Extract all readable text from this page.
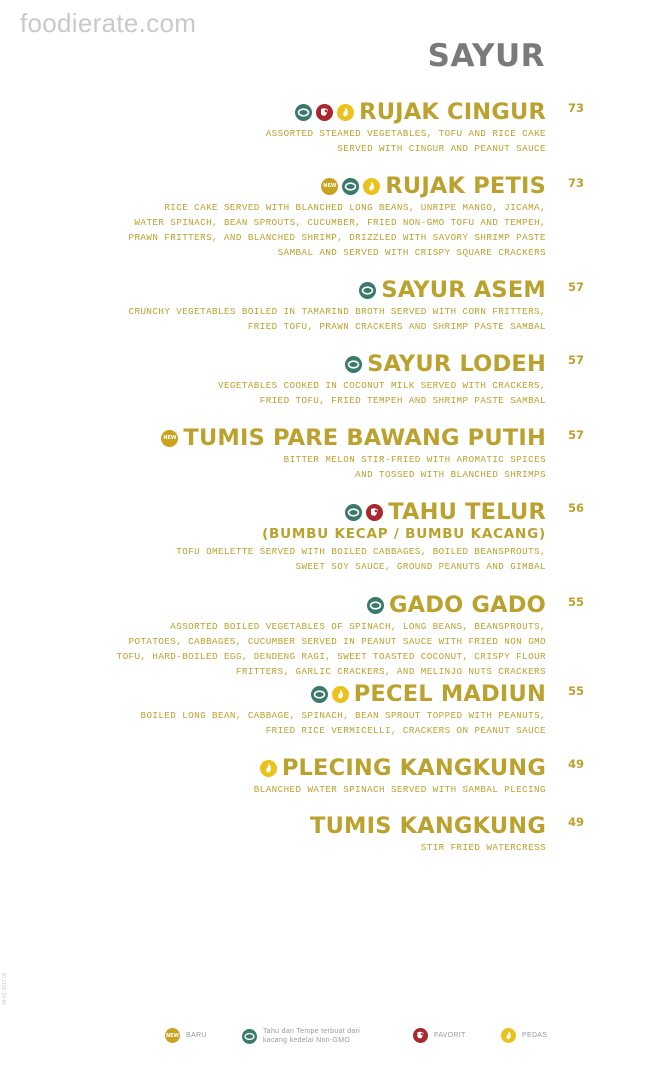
foodierate.com
04-01-2017 06
SAYUR
RUJAK CINGUR
ASSORTED STEAMED VEGETABLES, TOFU AND RICE CAKE
SERVED WITH CINGUR AND PEANUT SAUCE
73
NEW RUJAK PETIS
RICE CAKE SERVED WITH BLANCHED LONG BEANS, UNRIPE MANGO, JICAMA,
WATER SPINACH, BEAN SPROUTS, CUCUMBER, FRIED NON-GMO TOFU AND TEMPEH,
PRAWN FRITTERS, AND BLANCHED SHRIMP, DRIZZLED WITH SAVORY SHRIMP PASTE
SAMBAL AND SERVED WITH CRISPY SQUARE CRACKERS
73
SAYUR ASEM
CRUNCHY VEGETABLES BOILED IN TAMARIND BROTH SERVED WITH CORN FRITTERS,
FRIED TOFU, PRAWN CRACKERS AND SHRIMP PASTE SAMBAL
57
SAYUR LODEH
VEGETABLES COOKED IN COCONUT MILK SERVED WITH CRACKERS,
FRIED TOFU, FRIED TEMPEH AND SHRIMP PASTE SAMBAL
57
NEW TUMIS PARE BAWANG PUTIH
BITTER MELON STIR-FRIED WITH AROMATIC SPICES
AND TOSSED WITH BLANCHED SHRIMPS
57
TAHU TELUR
(BUMBU KECAP / BUMBU KACANG)
TOFU OMELETTE SERVED WITH BOILED CABBAGES, BOILED BEANSPROUTS,
SWEET SOY SAUCE, GROUND PEANUTS AND GIMBAL
56
GADO GADO
ASSORTED BOILED VEGETABLES OF SPINACH, LONG BEANS, BEANSPROUTS,
POTATOES, CABBAGES, CUCUMBER SERVED IN PEANUT SAUCE WITH FRIED NON GMO
TOFU, HARD-BOILED EGG, DENDENG RAGI, SWEET TOASTED COCONUT, CRISPY FLOUR
FRITTERS, GARLIC CRACKERS, AND MELINJO NUTS CRACKERS
55
PECEL MADIUN
BOILED LONG BEAN, CABBAGE, SPINACH, BEAN SPROUT TOPPED WITH PEANUTS,
FRIED RICE VERMICELLI, CRACKERS ON PEANUT SAUCE
55
PLECING KANGKUNG
BLANCHED WATER SPINACH SERVED WITH SAMBAL PLECING
49
TUMIS KANGKUNG
STIR FRIED WATERCRESS
49
NEW BARU
Tahu dan Tempe terbuat dari
kacang kedelai Non-GMO
FAVORIT	PEDAS
